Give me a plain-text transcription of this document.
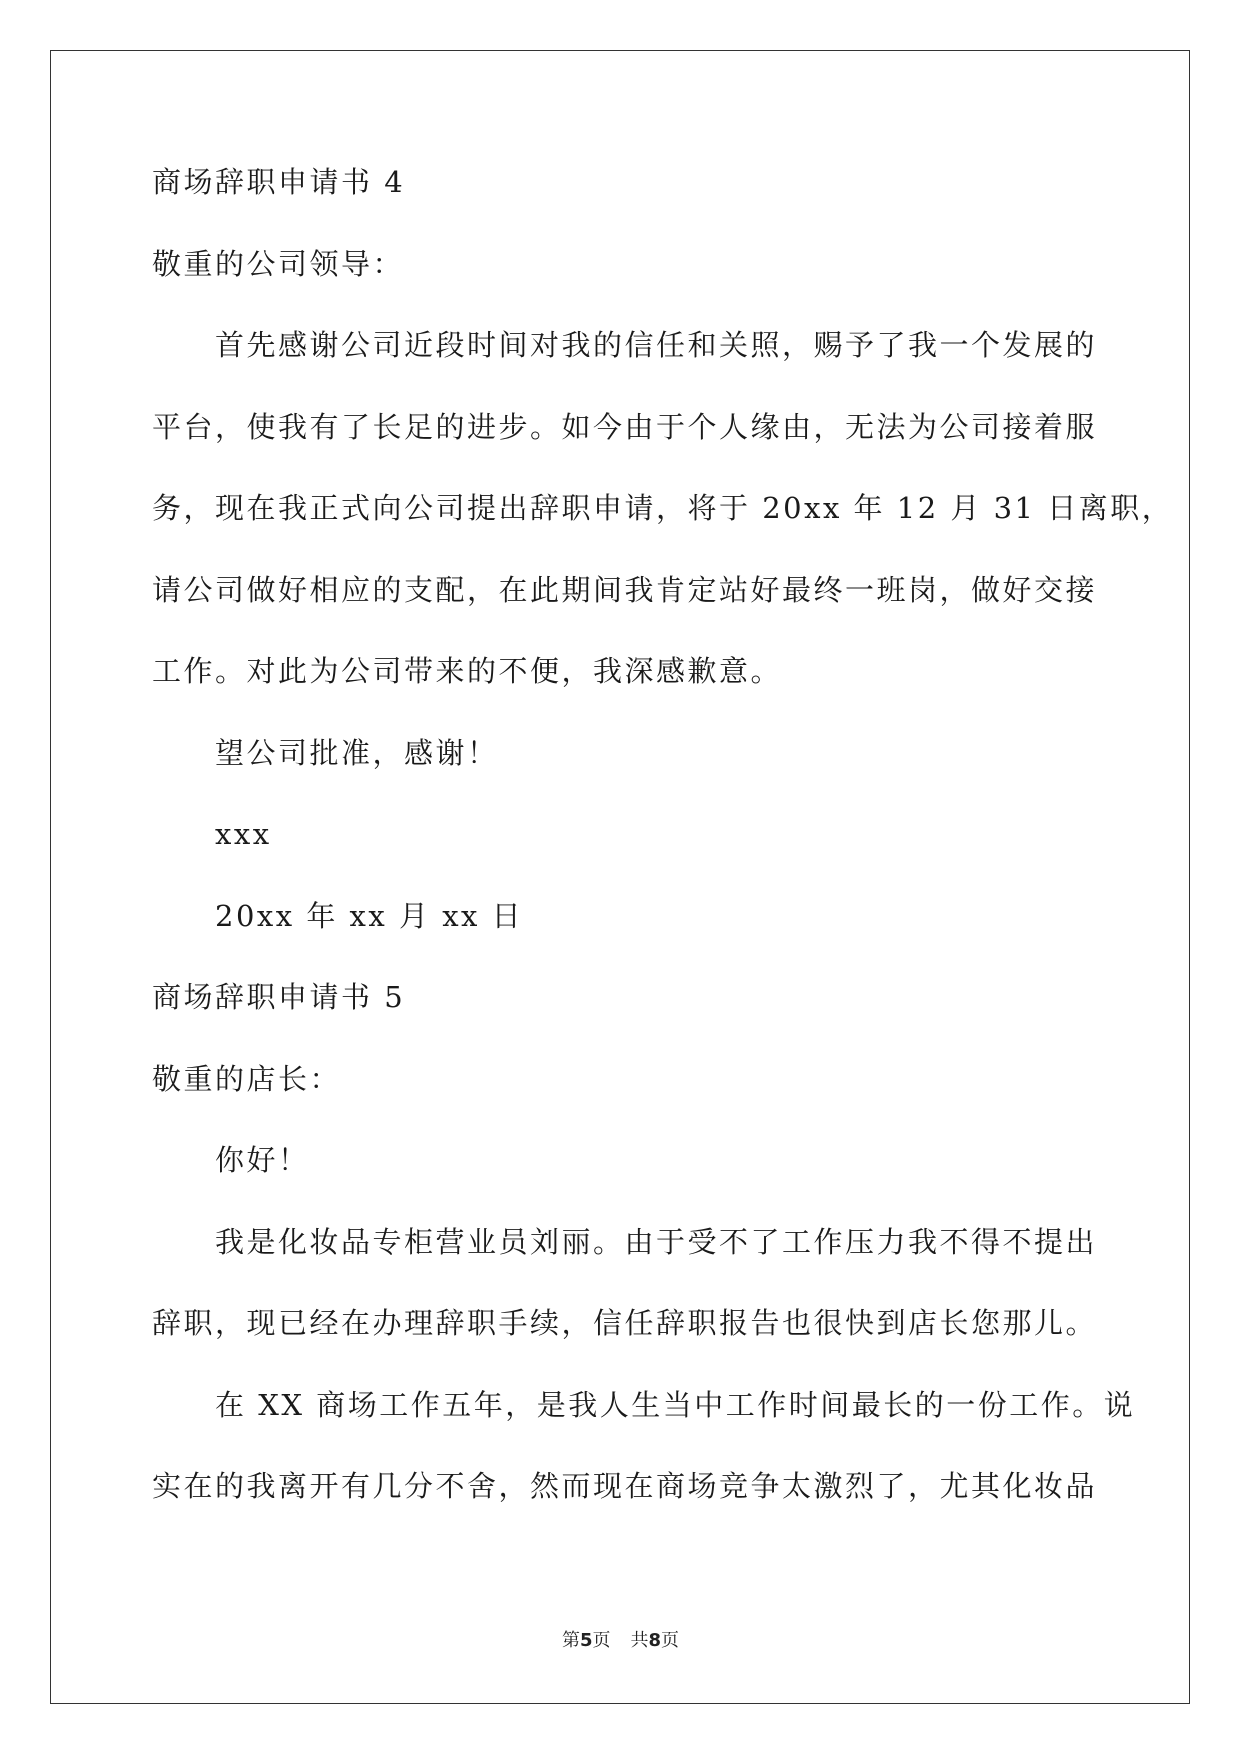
商场辞职申请书 4
敬重的公司领导：
首先感谢公司近段时间对我的信任和关照，赐予了我一个发展的
平台，使我有了长足的进步。如今由于个人缘由，无法为公司接着服
务，现在我正式向公司提出辞职申请，将于 20xx 年 12 月 31 日离职，
请公司做好相应的支配，在此期间我肯定站好最终一班岗，做好交接
工作。对此为公司带来的不便，我深感歉意。
望公司批准，感谢！
xxx
20xx 年 xx 月 xx 日
商场辞职申请书 5
敬重的店长：
你好！
我是化妆品专柜营业员刘丽。由于受不了工作压力我不得不提出
辞职，现已经在办理辞职手续，信任辞职报告也很快到店长您那儿。
在 XX 商场工作五年，是我人生当中工作时间最长的一份工作。说
实在的我离开有几分不舍，然而现在商场竞争太激烈了，尤其化妆品
第5页 共8页
